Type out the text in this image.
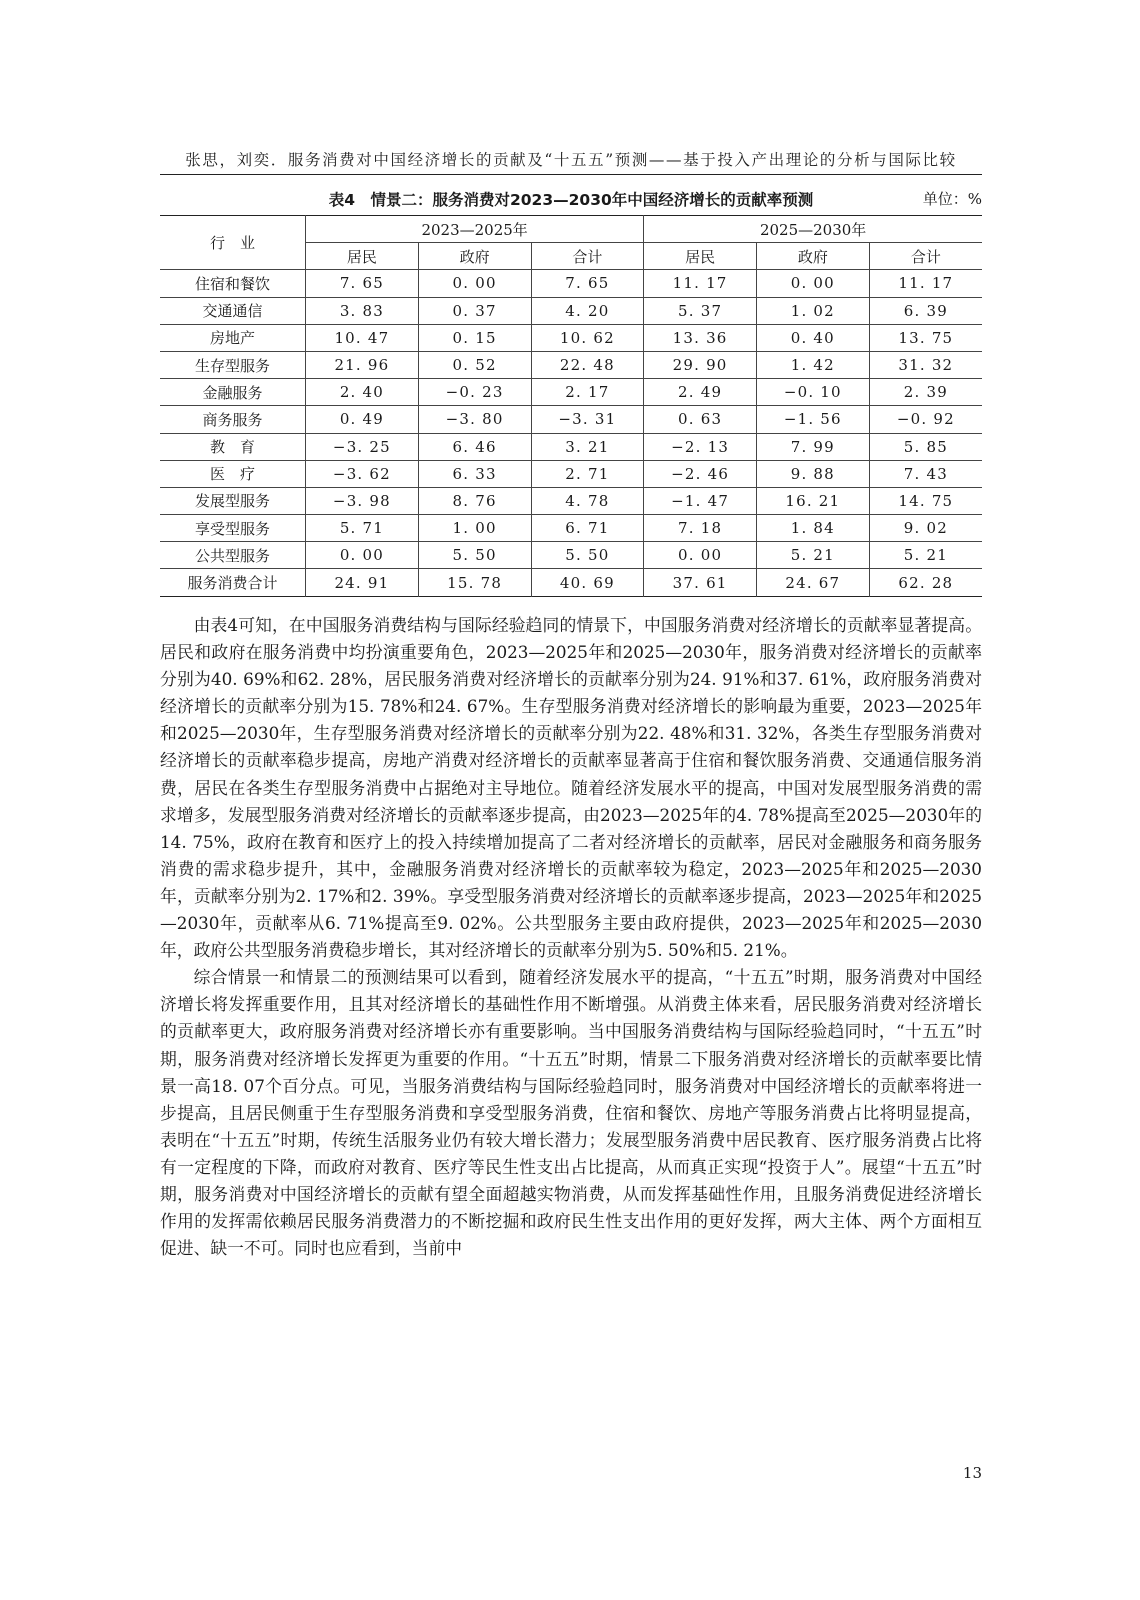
张思，刘奕．服务消费对中国经济增长的贡献及“十五五”预测——基于投入产出理论的分析与国际比较
表4　情景二：服务消费对2023—2030年中国经济增长的贡献率预测	单位：%
行　业	2023—2025年			2025—2030年		
	居民	政府	合计	居民	政府	合计
住宿和餐饮	7. 65	0. 00	7. 65	11. 17	0. 00	11. 17
交通通信	3. 83	0. 37	4. 20	5. 37	1. 02	6. 39
房地产	10. 47	0. 15	10. 62	13. 36	0. 40	13. 75
生存型服务	21. 96	0. 52	22. 48	29. 90	1. 42	31. 32
金融服务	2. 40	−0. 23	2. 17	2. 49	−0. 10	2. 39
商务服务	0. 49	−3. 80	−3. 31	0. 63	−1. 56	−0. 92
教　育	−3. 25	6. 46	3. 21	−2. 13	7. 99	5. 85
医　疗	−3. 62	6. 33	2. 71	−2. 46	9. 88	7. 43
发展型服务	−3. 98	8. 76	4. 78	−1. 47	16. 21	14. 75
享受型服务	5. 71	1. 00	6. 71	7. 18	1. 84	9. 02
公共型服务	0. 00	5. 50	5. 50	0. 00	5. 21	5. 21
服务消费合计	24. 91	15. 78	40. 69	37. 61	24. 67	62. 28

由表4可知，在中国服务消费结构与国际经验趋同的情景下，中国服务消费对经济增长的贡献率显著提高。居民和政府在服务消费中均扮演重要角色，2023—2025年和2025—2030年，服务消费对经济增长的贡献率分别为40. 69%和62. 28%，居民服务消费对经济增长的贡献率分别为24. 91%和37. 61%，政府服务消费对经济增长的贡献率分别为15. 78%和24. 67%。生存型服务消费对经济增长的影响最为重要，2023—2025年和2025—2030年，生存型服务消费对经济增长的贡献率分别为22. 48%和31. 32%，各类生存型服务消费对经济增长的贡献率稳步提高，房地产消费对经济增长的贡献率显著高于住宿和餐饮服务消费、交通通信服务消费，居民在各类生存型服务消费中占据绝对主导地位。随着经济发展水平的提高，中国对发展型服务消费的需求增多，发展型服务消费对经济增长的贡献率逐步提高，由2023—2025年的4. 78%提高至2025—2030年的14. 75%，政府在教育和医疗上的投入持续增加提高了二者对经济增长的贡献率，居民对金融服务和商务服务消费的需求稳步提升，其中，金融服务消费对经济增长的贡献率较为稳定，2023—2025年和2025—2030年，贡献率分别为2. 17%和2. 39%。享受型服务消费对经济增长的贡献率逐步提高，2023—2025年和2025—2030年，贡献率从6. 71%提高至9. 02%。公共型服务主要由政府提供，2023—2025年和2025—2030年，政府公共型服务消费稳步增长，其对经济增长的贡献率分别为5. 50%和5. 21%。

综合情景一和情景二的预测结果可以看到，随着经济发展水平的提高，“十五五”时期，服务消费对中国经济增长将发挥重要作用，且其对经济增长的基础性作用不断增强。从消费主体来看，居民服务消费对经济增长的贡献率更大，政府服务消费对经济增长亦有重要影响。当中国服务消费结构与国际经验趋同时，“十五五”时期，服务消费对经济增长发挥更为重要的作用。“十五五”时期，情景二下服务消费对经济增长的贡献率要比情景一高18. 07个百分点。可见，当服务消费结构与国际经验趋同时，服务消费对中国经济增长的贡献率将进一步提高，且居民侧重于生存型服务消费和享受型服务消费，住宿和餐饮、房地产等服务消费占比将明显提高，表明在“十五五”时期，传统生活服务业仍有较大增长潜力；发展型服务消费中居民教育、医疗服务消费占比将有一定程度的下降，而政府对教育、医疗等民生性支出占比提高，从而真正实现“投资于人”。展望“十五五”时期，服务消费对中国经济增长的贡献有望全面超越实物消费，从而发挥基础性作用，且服务消费促进经济增长作用的发挥需依赖居民服务消费潜力的不断挖掘和政府民生性支出作用的更好发挥，两大主体、两个方面相互促进、缺一不可。同时也应看到，当前中

13
